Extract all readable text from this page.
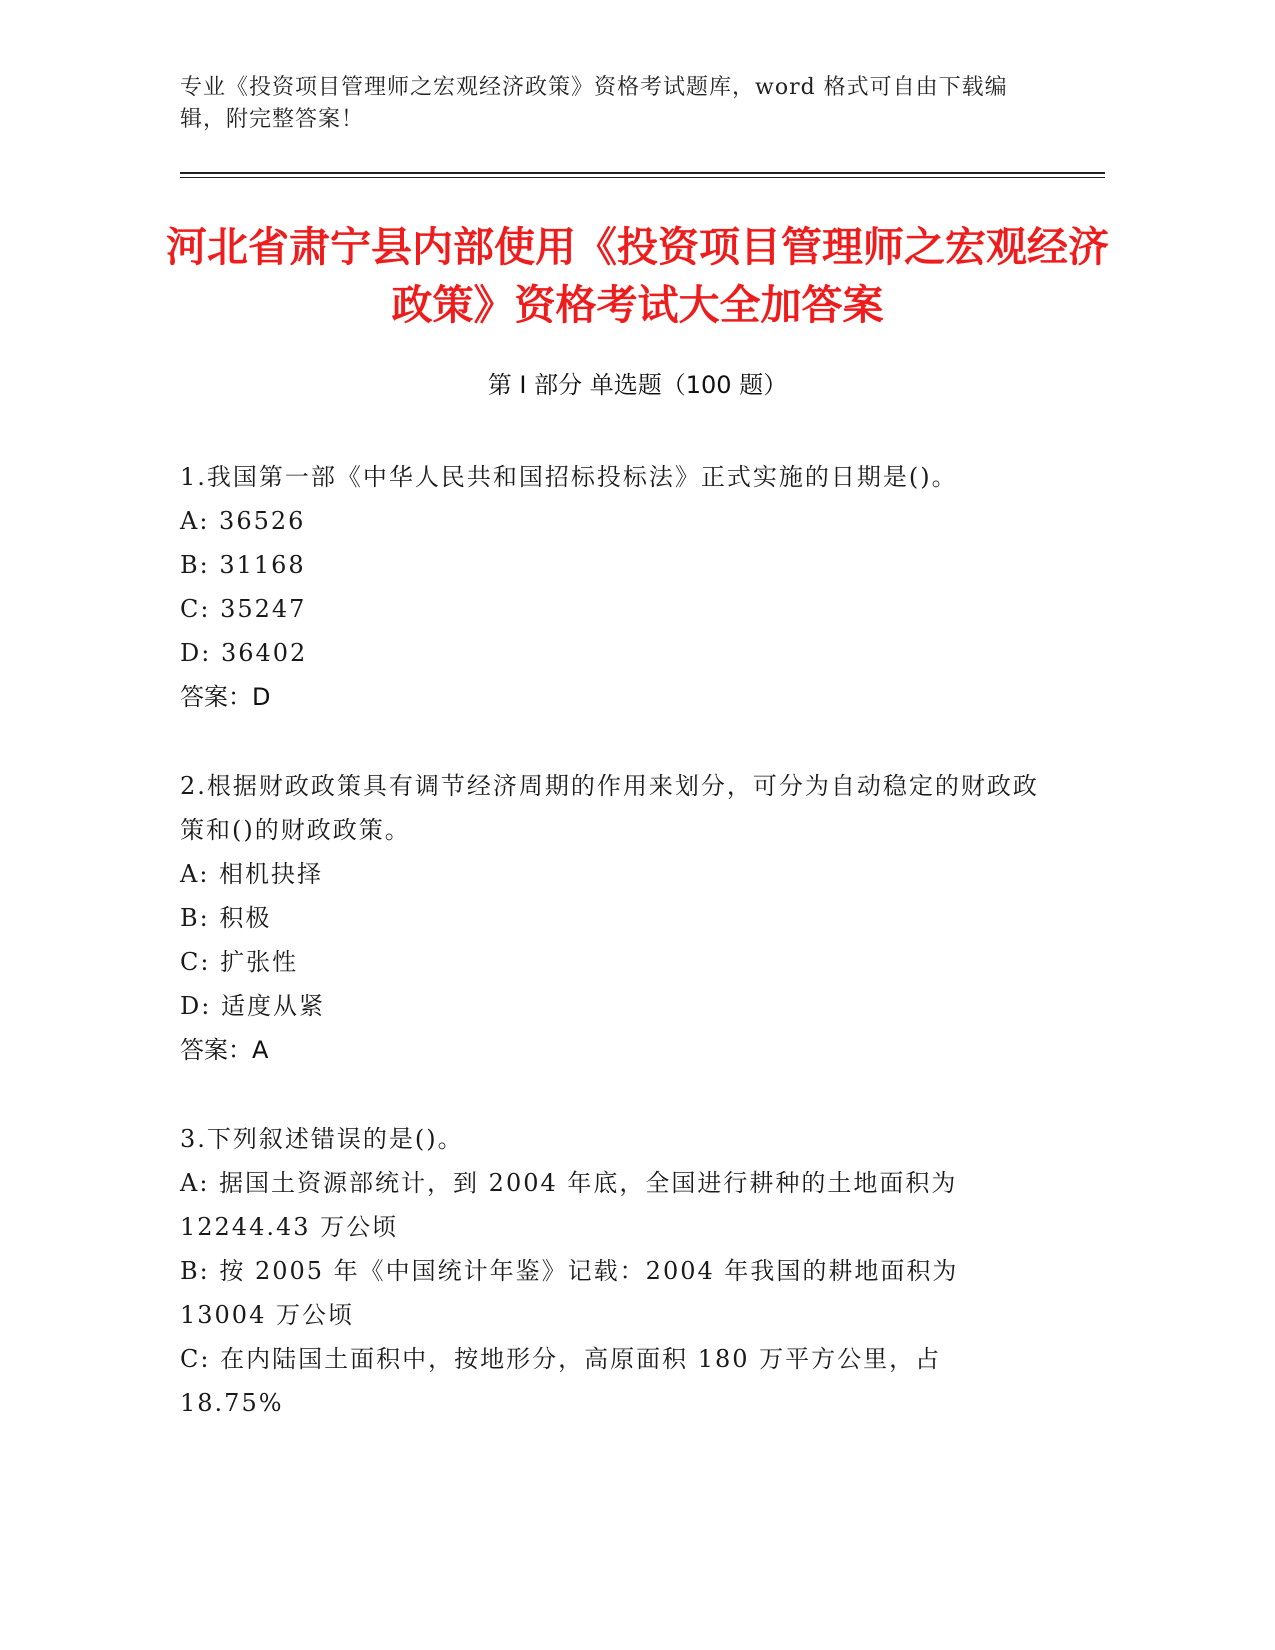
专业《投资项目管理师之宏观经济政策》资格考试题库，word 格式可自由下载编辑，附完整答案！
河北省肃宁县内部使用《投资项目管理师之宏观经济政策》资格考试大全加答案
第 I 部分 单选题（100 题）
1.我国第一部《中华人民共和国招标投标法》正式实施的日期是()。
A: 36526
B: 31168
C: 35247
D: 36402
答案：D
2.根据财政政策具有调节经济周期的作用来划分，可分为自动稳定的财政政策和()的财政政策。
A: 相机抉择
B: 积极
C: 扩张性
D: 适度从紧
答案：A
3.下列叙述错误的是()。
A: 据国土资源部统计，到 2004 年底，全国进行耕种的土地面积为 12244.43 万公顷
B: 按 2005 年《中国统计年鉴》记载：2004 年我国的耕地面积为 13004 万公顷
C: 在内陆国土面积中，按地形分，高原面积 180 万平方公里，占 18.75%
